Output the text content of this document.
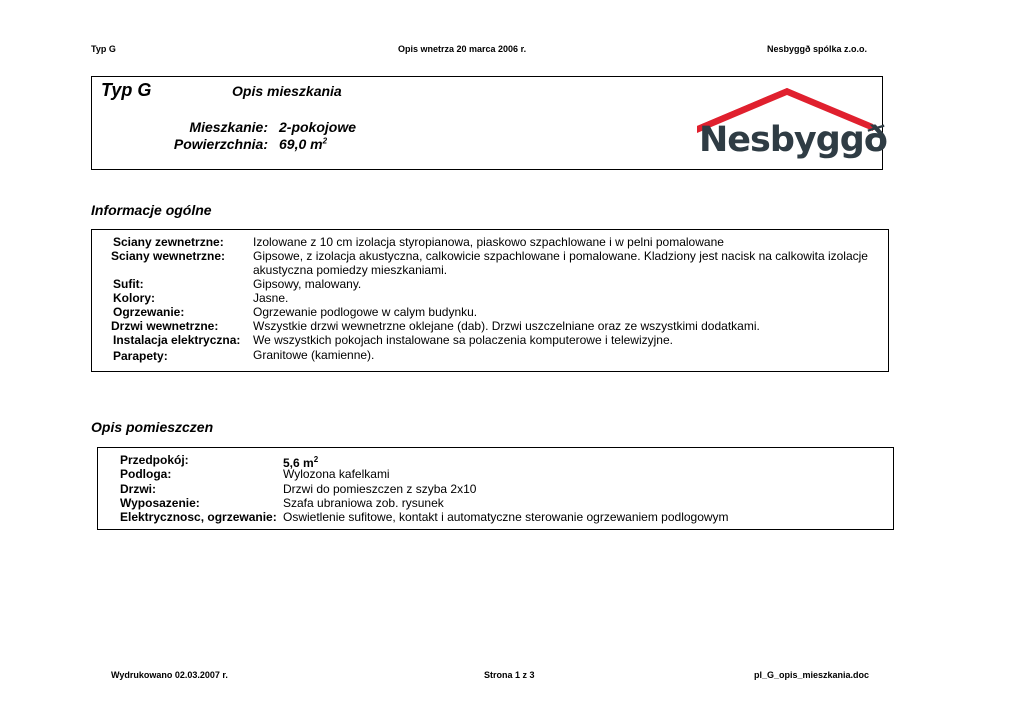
Typ G	Opis wnetrza 20 marca 2006 r.	Nesbyggð spólka z.o.o.
Typ G	Opis mieszkania
Mieszkanie: 2-pokojowe
Powierzchnia: 69,0 $m^2$	Nesbyggð
Informacje ogólne
Sciany zewnetrzne: Izolowane z 10 cm izolacja styropianowa, piaskowo szpachlowane i w pelni pomalowane
Sciany wewnetrzne: Gipsowe, z izolacja akustyczna, calkowicie szpachlowane i pomalowane. Kladziony jest nacisk na calkowita izolacje
akustyczna pomiedzy mieszkaniami.
Sufit:	Gipsowy, malowany.
Kolory:	Jasne.
Ogrzewanie:	Ogrzewanie podlogowe w calym budynku.
Drzwi wewnetrzne:	Wszystkie drzwi wewnetrzne oklejane (dab). Drzwi uszczelniane oraz ze wszystkimi dodatkami.
Instalacja elektryczna: We wszystkich pokojach instalowane sa polaczenia komputerowe i telewizyjne.
Parapety:	Granitowe (kamienne).
Opis pomieszczen
Przedpokój:	5,6 $m^2$
Podloga:	Wylozona kafelkami
Drzwi:	Drzwi do pomieszczen z szyba 2x10
Wyposazenie:	Szafa ubraniowa zob. rysunek
Elektrycznosc, ogrzewanie: Oswietlenie sufitowe, kontakt i automatyczne sterowanie ogrzewaniem podlogowym
Wydrukowano 02.03.2007 r.	Strona 1 z 3	pl_G_opis_mieszkania.doc
